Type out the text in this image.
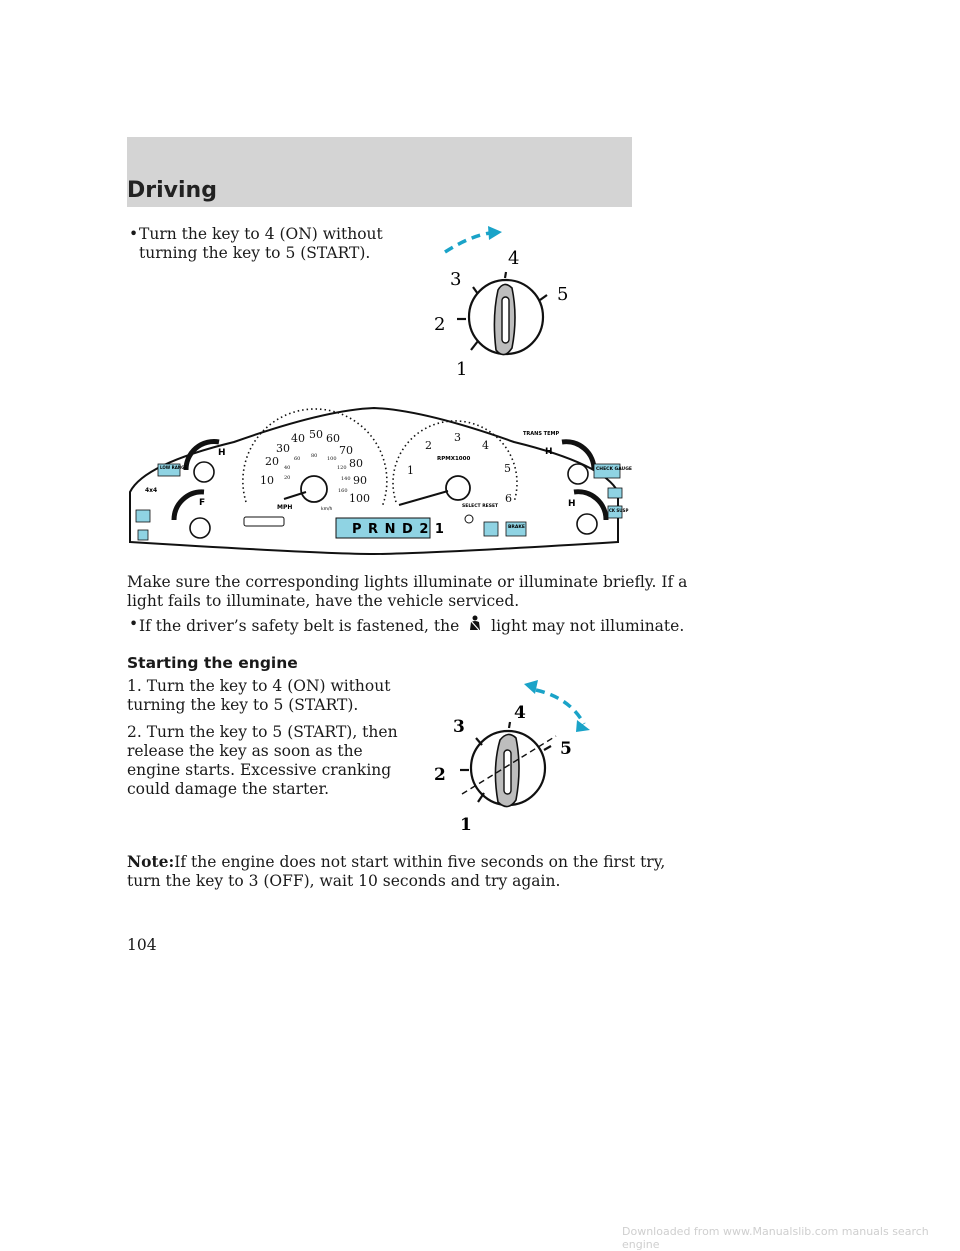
Driving
• Turn the key to 4 (ON) without
turning the key to 5 (START).
1
2
3
4
5
10
20
30
40 50 60
70
80
90
100
20
40
60 80 100
120
140
160
MPH	km/h
1
2
3
4
5
6
RPMX1000
SELECT RESET
H
F
LOW RANGE
4x4
TRANS TEMP
H
CHECK GAUGE
H
CK SUSP
BRAKE
P R N D 2 1
Make sure the corresponding lights illuminate or illuminate briefly. If a
light fails to illuminate, have the vehicle serviced.
• If the driver’s safety belt is fastened, the light may not illuminate.
Starting the engine
1. Turn the key to 4 (ON) without
turning the key to 5 (START).
2. Turn the key to 5 (START), then
release the key as soon as the
engine starts. Excessive cranking
could damage the starter.
1
2
3
4
5
Note:If the engine does not start within five seconds on the first try,
turn the key to 3 (OFF), wait 10 seconds and try again.
104
Downloaded from www.Manualslib.com manuals search engine
